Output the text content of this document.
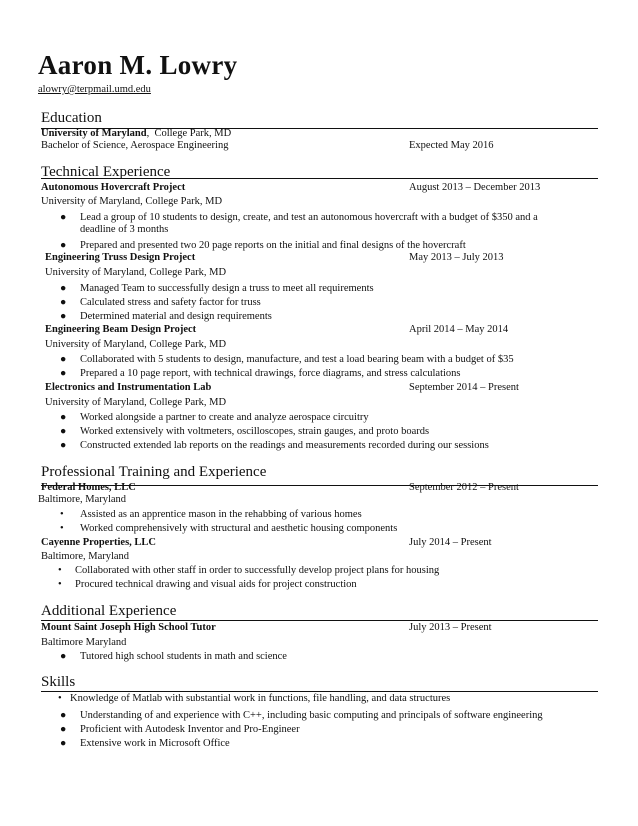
Aaron M. Lowry
alowry@terpmail.umd.edu
Education
University of Maryland,  College Park, MD
Bachelor of Science, Aerospace Engineering	Expected May 2016
Technical Experience
Autonomous Hovercraft Project	August 2013 – December 2013
University of Maryland, College Park, MD
● Lead a group of 10 students to design, create, and test an autonomous hovercraft with a budget of $350 and a deadline of 3 months
● Prepared and presented two 20 page reports on the initial and final designs of the hovercraft
Engineering Truss Design Project	May 2013 – July 2013
University of Maryland, College Park, MD
● Managed Team to successfully design a truss to meet all requirements
● Calculated stress and safety factor for truss
● Determined material and design requirements
Engineering Beam Design Project	April 2014 – May 2014
University of Maryland, College Park, MD
● Collaborated with 5 students to design, manufacture, and test a load bearing beam with a budget of $35
● Prepared a 10 page report, with technical drawings, force diagrams, and stress calculations
Electronics and Instrumentation Lab	September 2014 – Present
University of Maryland, College Park, MD
● Worked alongside a partner to create and analyze aerospace circuitry
● Worked extensively with voltmeters, oscilloscopes, strain gauges, and proto boards
● Constructed extended lab reports on the readings and measurements recorded during our sessions
Professional Training and Experience
Federal Homes, LLC	September 2012 – Present
Baltimore, Maryland
• Assisted as an apprentice mason in the rehabbing of various homes
• Worked comprehensively with structural and aesthetic housing components
Cayenne Properties, LLC	July 2014 – Present
Baltimore, Maryland
• Collaborated with other staff in order to successfully develop project plans for housing
• Procured technical drawing and visual aids for project construction
Additional Experience
Mount Saint Joseph High School Tutor	July 2013 – Present
Baltimore Maryland
● Tutored high school students in math and science
Skills
• Knowledge of Matlab with substantial work in functions, file handling, and data structures
● Understanding of and experience with C++, including basic computing and principals of software engineering
● Proficient with Autodesk Inventor and Pro-Engineer
● Extensive work in Microsoft Office
